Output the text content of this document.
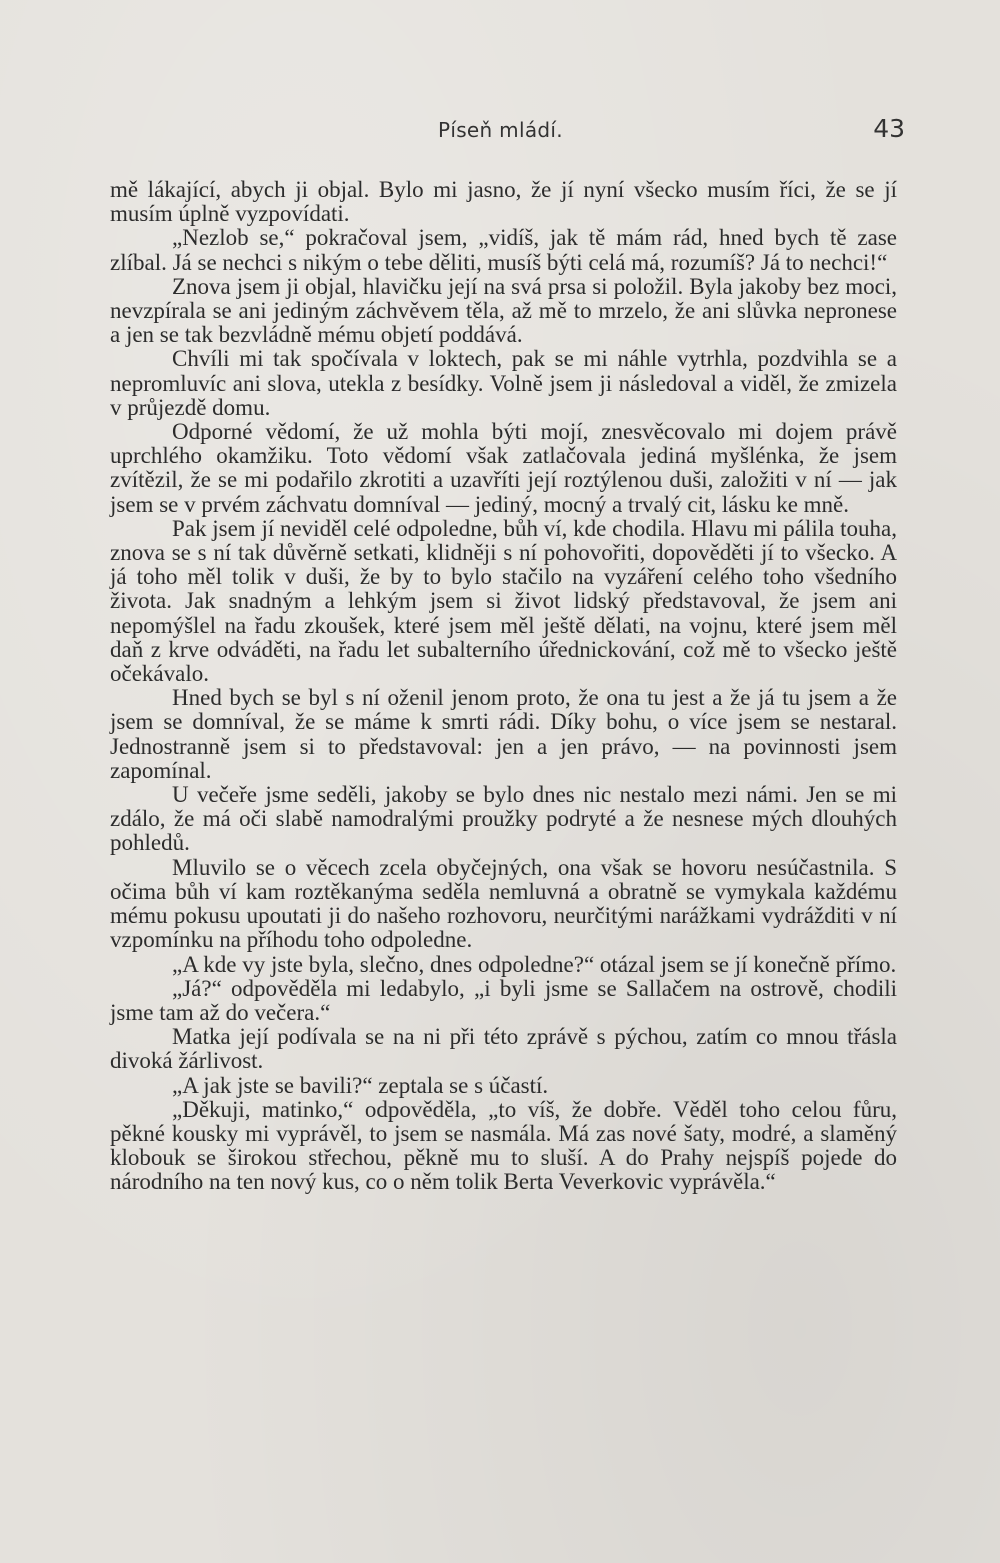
Píseň mládí.	43

mě lákající, abych ji objal. Bylo mi jasno, že jí nyní všecko musím říci, že se jí musím úplně vyzpovídati.

„Nezlob se,“ pokračoval jsem, „vidíš, jak tě mám rád, hned bych tě zase zlíbal. Já se nechci s nikým o tebe děliti, musíš býti celá má, rozumíš? Já to nechci!“

Znova jsem ji objal, hlavičku její na svá prsa si položil. Byla jakoby bez moci, nevzpírala se ani jediným záchvěvem těla, až mě to mrzelo, že ani slůvka nepronese a jen se tak bezvládně mému objetí poddává.

Chvíli mi tak spočívala v loktech, pak se mi náhle vytrhla, pozdvihla se a nepromluvíc ani slova, utekla z besídky. Volně jsem ji následoval a viděl, že zmizela v průjezdě domu.

Odporné vědomí, že už mohla býti mojí, znesvěcovalo mi dojem právě uprchlého okamžiku. Toto vědomí však zatlačovala jediná myšlénka, že jsem zvítězil, že se mi podařilo zkrotiti a uzavříti její roztýlenou duši, založiti v ní — jak jsem se v prvém záchvatu domníval — jediný, mocný a trvalý cit, lásku ke mně.

Pak jsem jí neviděl celé odpoledne, bůh ví, kde chodila. Hlavu mi pálila touha, znova se s ní tak důvěrně setkati, klidněji s ní pohovořiti, dopověděti jí to všecko. A já toho měl tolik v duši, že by to bylo stačilo na vyzáření celého toho všedního života. Jak snadným a lehkým jsem si život lidský představoval, že jsem ani nepomýšlel na řadu zkoušek, které jsem měl ještě dělati, na vojnu, které jsem měl daň z krve odváděti, na řadu let subalterního úřednickování, což mě to všecko ještě očekávalo.

Hned bych se byl s ní oženil jenom proto, že ona tu jest a že já tu jsem a že jsem se domníval, že se máme k smrti rádi. Díky bohu, o více jsem se nestaral. Jednostranně jsem si to představoval: jen a jen právo, — na povinnosti jsem zapomínal.

U večeře jsme seděli, jakoby se bylo dnes nic nestalo mezi námi. Jen se mi zdálo, že má oči slabě namodralými proužky podryté a že nesnese mých dlouhých pohledů.

Mluvilo se o věcech zcela obyčejných, ona však se hovoru nesúčastnila. S očima bůh ví kam roztěkanýma seděla nemluvná a obratně se vymykala každému mému pokusu upoutati ji do našeho rozhovoru, neurčitými narážkami vydrážditi v ní vzpomínku na příhodu toho odpoledne.

„A kde vy jste byla, slečno, dnes odpoledne?“ otázal jsem se jí konečně přímo.

„Já?“ odpověděla mi ledabylo, „i byli jsme se Sallačem na ostrově, chodili jsme tam až do večera.“

Matka její podívala se na ni při této zprávě s pýchou, zatím co mnou třásla divoká žárlivost.

„A jak jste se bavili?“ zeptala se s účastí.

„Děkuji, matinko,“ odpověděla, „to víš, že dobře. Věděl toho celou fůru, pěkné kousky mi vyprávěl, to jsem se nasmála. Má zas nové šaty, modré, a slaměný klobouk se širokou střechou, pěkně mu to sluší. A do Prahy nejspíš pojede do národního na ten nový kus, co o něm tolik Berta Veverkovic vyprávěla.“
